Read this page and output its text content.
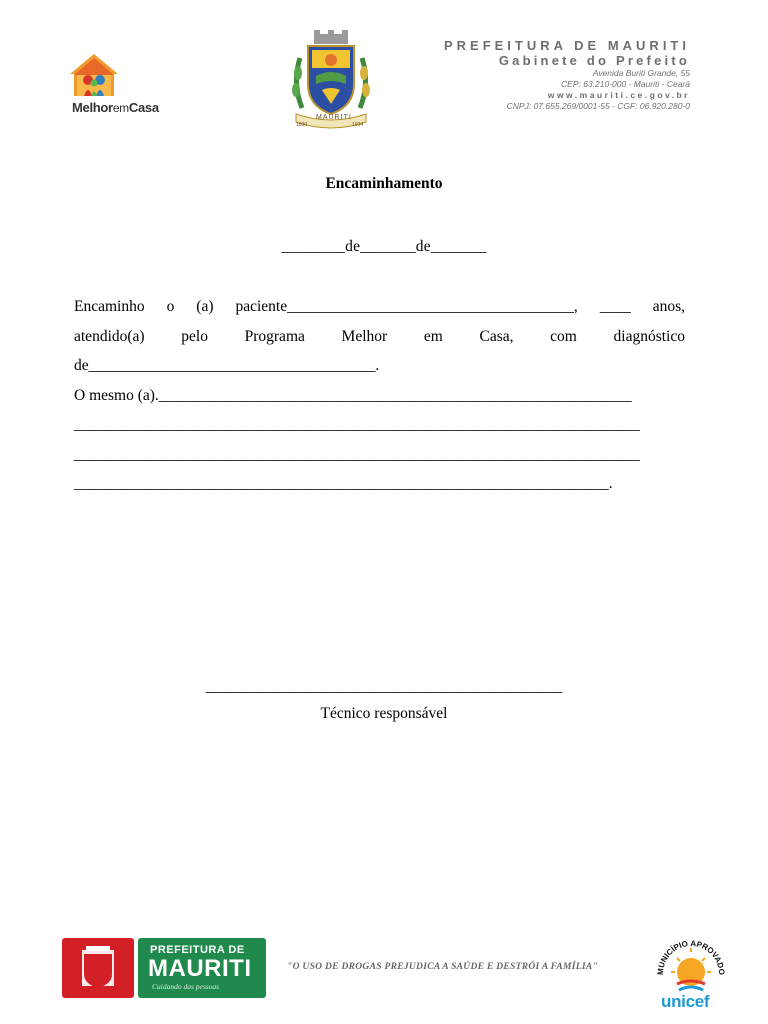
MelhoremCasa
MAURITI
1890	1934
PREFEITURA DE MAURITI
Gabinete do Prefeito
Avenida Buriti Grande, 55
CEP: 63.210-000 - Mauriti - Ceará
www.mauriti.ce.gov.br
CNPJ: 07.655.269/0001-55 - CGF: 06.920.280-0
Encaminhamento
________de_______de_______
Encaminho o (a) paciente_____________________________________, ____ anos,
atendido(a) pelo Programa Melhor em Casa, com diagnóstico
de_____________________________________.
O mesmo (a)._____________________________________________________________
_________________________________________________________________________
_________________________________________________________________________
_____________________________________________________________________.
______________________________________________
Técnico responsável
PREFEITURA DE
MAURITI
Cuidando das pessoas
"O USO DE DROGAS PREJUDICA A SAÚDE E DESTRÓI A FAMÍLIA"	MUNICÍPIO APROVADO
unicef
